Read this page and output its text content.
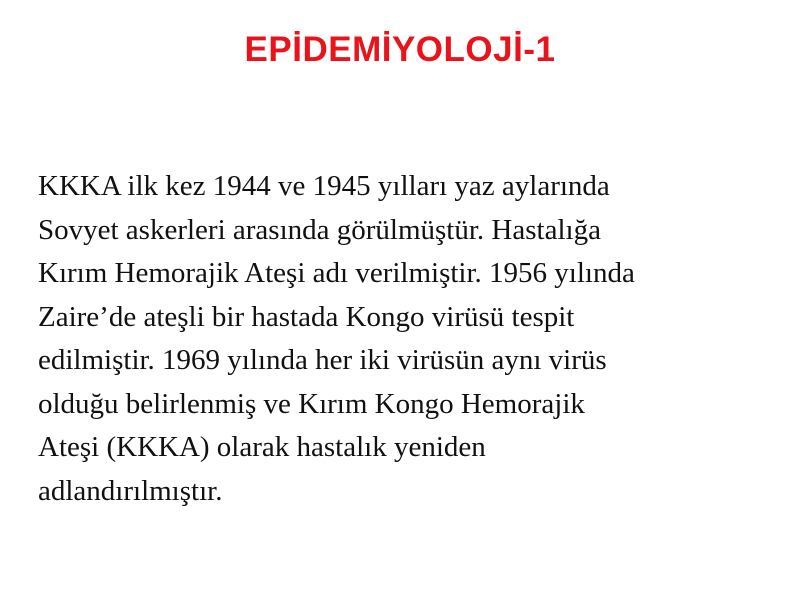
EPİDEMİYOLOJİ-1

KKKA ilk kez 1944 ve 1945 yılları yaz aylarında
Sovyet askerleri arasında görülmüştür. Hastalığa
Kırım Hemorajik Ateşi adı verilmiştir. 1956 yılında
Zaire’de ateşli bir hastada Kongo virüsü tespit
edilmiştir. 1969 yılında her iki virüsün aynı virüs
olduğu belirlenmiş ve Kırım Kongo Hemorajik
Ateşi (KKKA) olarak hastalık yeniden
adlandırılmıştır.
